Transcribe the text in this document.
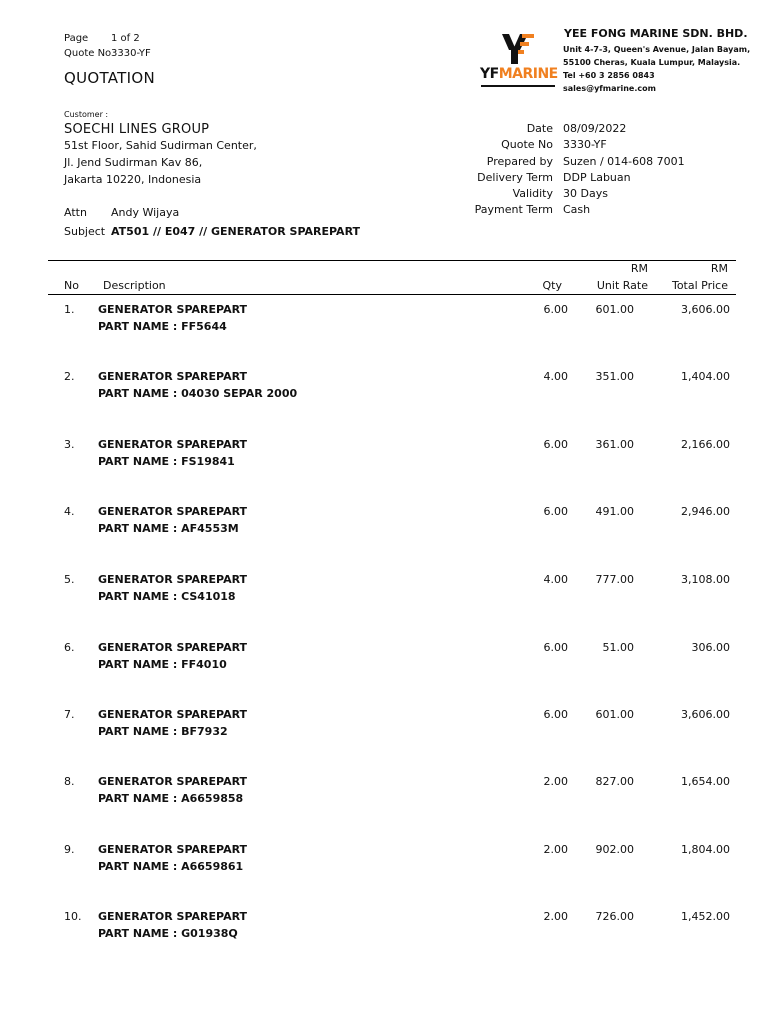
Page 1 of 2
Quote No 3330-YF
QUOTATION	YFMARINE
YEE FONG MARINE SDN. BHD.
Unit 4-7-3, Queen's Avenue, Jalan Bayam,
55100 Cheras, Kuala Lumpur, Malaysia.
Tel +60 3 2856 0843
sales@yfmarine.com
Customer :
SOECHI LINES GROUP
51st Floor, Sahid Sudirman Center,
Jl. Jend Sudirman Kav 86,
Jakarta 10220, Indonesia
Attn Andy Wijaya
Subject AT501 // E047 // GENERATOR SPAREPART
Date 08/09/2022
Quote No 3330-YF
Prepared by Suzen / 014-608 7001
Delivery Term DDP Labuan
Validity 30 Days
Payment Term Cash
RM	RM
No Description	Qty	Unit Rate Total Price
1. GENERATOR SPAREPART
PART NAME : FF5644
6.00	601.00	3,606.00
2. GENERATOR SPAREPART
PART NAME : 04030 SEPAR 2000
4.00	351.00	1,404.00
3. GENERATOR SPAREPART
PART NAME : FS19841
6.00	361.00	2,166.00
4. GENERATOR SPAREPART
PART NAME : AF4553M
6.00	491.00	2,946.00
5. GENERATOR SPAREPART
PART NAME : CS41018
4.00	777.00	3,108.00
6. GENERATOR SPAREPART
PART NAME : FF4010
6.00	51.00	306.00
7. GENERATOR SPAREPART
PART NAME : BF7932
6.00	601.00	3,606.00
8. GENERATOR SPAREPART
PART NAME : A6659858
2.00	827.00	1,654.00
9. GENERATOR SPAREPART
PART NAME : A6659861
2.00	902.00	1,804.00
10. GENERATOR SPAREPART
PART NAME : G01938Q
2.00	726.00	1,452.00
